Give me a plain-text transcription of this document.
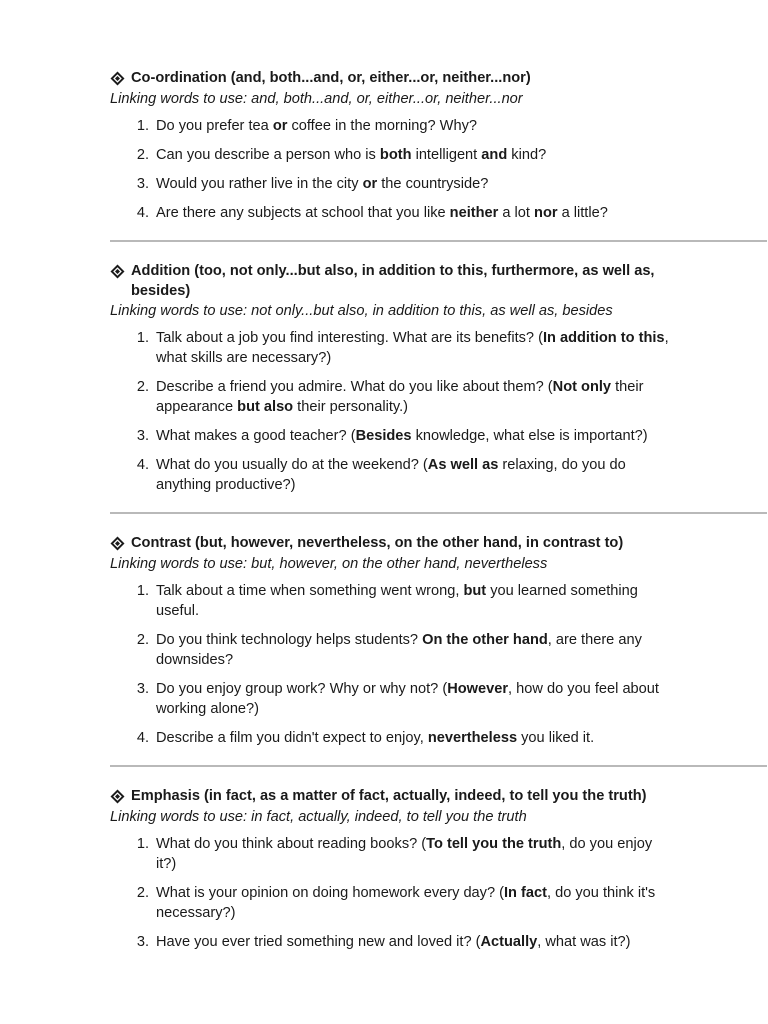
Co-ordination (and, both...and, or, either...or, neither...nor)
Linking words to use: and, both...and, or, either...or, neither...nor
1. Do you prefer tea or coffee in the morning? Why?
2. Can you describe a person who is both intelligent and kind?
3. Would you rather live in the city or the countryside?
4. Are there any subjects at school that you like neither a lot nor a little?
Addition (too, not only...but also, in addition to this, furthermore, as well as, besides)
Linking words to use: not only...but also, in addition to this, as well as, besides
1. Talk about a job you find interesting. What are its benefits? (In addition to this, what skills are necessary?)
2. Describe a friend you admire. What do you like about them? (Not only their appearance but also their personality.)
3. What makes a good teacher? (Besides knowledge, what else is important?)
4. What do you usually do at the weekend? (As well as relaxing, do you do anything productive?)
Contrast (but, however, nevertheless, on the other hand, in contrast to)
Linking words to use: but, however, on the other hand, nevertheless
1. Talk about a time when something went wrong, but you learned something useful.
2. Do you think technology helps students? On the other hand, are there any downsides?
3. Do you enjoy group work? Why or why not? (However, how do you feel about working alone?)
4. Describe a film you didn't expect to enjoy, nevertheless you liked it.
Emphasis (in fact, as a matter of fact, actually, indeed, to tell you the truth)
Linking words to use: in fact, actually, indeed, to tell you the truth
1. What do you think about reading books? (To tell you the truth, do you enjoy it?)
2. What is your opinion on doing homework every day? (In fact, do you think it's necessary?)
3. Have you ever tried something new and loved it? (Actually, what was it?)
